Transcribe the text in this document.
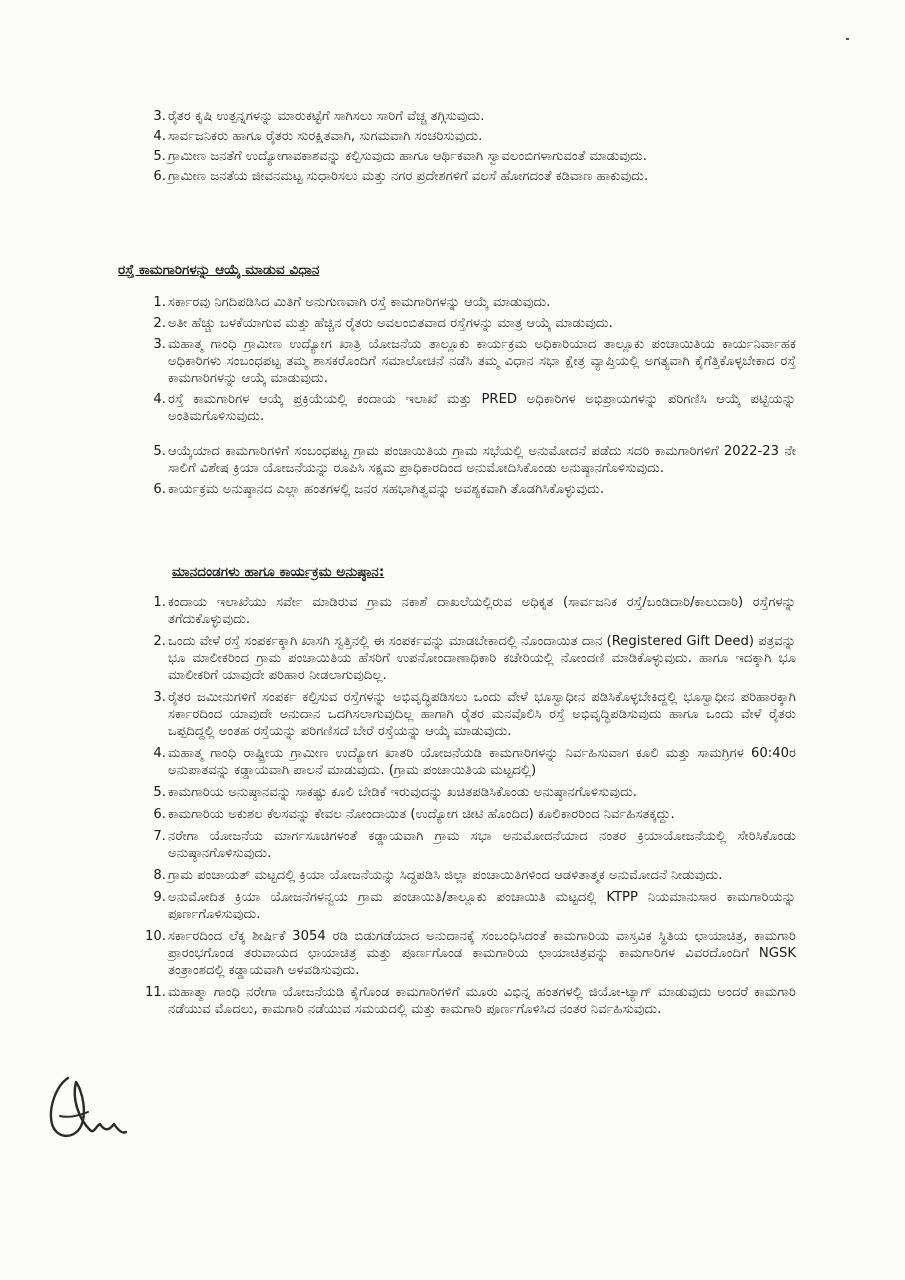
3. ರೈತರ ಕೃಷಿ ಉತ್ಪನ್ನಗಳನ್ನು ಮಾರುಕಟ್ಟೆಗೆ ಸಾಗಿಸಲು ಸಾರಿಗೆ ವೆಚ್ಚ ತಗ್ಗಿಸುವುದು.
4. ಸಾರ್ವಜನಿಕರು ಹಾಗೂ ರೈತರು ಸುರಕ್ಷಿತವಾಗಿ, ಸುಗಮವಾಗಿ ಸಂಚರಿಸುವುದು.
5. ಗ್ರಾಮೀಣ ಜನತೆಗೆ ಉದ್ಯೋಗಾವಕಾಶವನ್ನು ಕಲ್ಪಿಸುವುದು ಹಾಗೂ ಆರ್ಥಿಕವಾಗಿ ಸ್ವಾವಲಂಬಿಗಳಾಗುವಂತೆ ಮಾಡುವುದು.
6. ಗ್ರಾಮೀಣ ಜನತೆಯ ಜೀವನಮಟ್ಟ ಸುಧಾರಿಸಲು ಮತ್ತು ನಗರ ಪ್ರದೇಶಗಳಿಗೆ ವಲಸೆ ಹೋಗದಂತೆ ಕಡಿವಾಣ ಹಾಕುವುದು.
ರಸ್ತೆ ಕಾಮಗಾರಿಗಳನ್ನು ಆಯ್ಕೆ ಮಾಡುವ ವಿಧಾನ
1. ಸರ್ಕಾರವು ನಿಗದಿಪಡಿಸಿದ ಮಿತಿಗೆ ಅನುಗುಣವಾಗಿ ರಸ್ತೆ ಕಾಮಗಾರಿಗಳನ್ನು ಆಯ್ಕೆ ಮಾಡುವುದು.
2. ಅತೀ ಹೆಚ್ಚು ಬಳಕೆಯಾಗುವ ಮತ್ತು ಹೆಚ್ಚಿನ ರೈತರು ಅವಲಂಬಿತವಾದ ರಸ್ತೆಗಳನ್ನು ಮಾತ್ರ ಆಯ್ಕೆ ಮಾಡುವುದು.
3. ಮಹಾತ್ಮ ಗಾಂಧಿ ಗ್ರಾಮೀಣ ಉದ್ಯೋಗ ಖಾತ್ರಿ ಯೋಜನೆಯ ತಾಲ್ಲೂಕು ಕಾರ್ಯಕ್ರಮ ಅಧಿಕಾರಿಯಾದ ತಾಲ್ಲೂಕು ಪಂಚಾಯಿತಿಯ ಕಾರ್ಯನಿರ್ವಾಹಕ ಅಧಿಕಾರಿಗಳು ಸಂಬಂಧಪಟ್ಟ ತಮ್ಮ ಶಾಸಕರೊಂದಿಗೆ ಸಮಾಲೋಚನೆ ನಡೆಸಿ ತಮ್ಮ ವಿಧಾನ ಸಭಾ ಕ್ಷೇತ್ರ ವ್ಯಾಪ್ತಿಯಲ್ಲಿ ಅಗತ್ಯವಾಗಿ ಕೈಗೆತ್ತಿಕೊಳ್ಳಬೇಕಾದ ರಸ್ತೆ ಕಾಮಗಾರಿಗಳನ್ನು ಆಯ್ಕೆ ಮಾಡುವುದು.
4. ರಸ್ತೆ ಕಾಮಗಾರಿಗಳ ಆಯ್ಕೆ ಪ್ರಕ್ರಿಯೆಯಲ್ಲಿ ಕಂದಾಯ ಇಲಾಖೆ ಮತ್ತು PRED ಅಧಿಕಾರಿಗಳ ಅಭಿಪ್ರಾಯಗಳನ್ನು ಪರಿಗಣಿಸಿ ಆಯ್ಕೆ ಪಟ್ಟಿಯನ್ನು ಅಂತಿಮಗೊಳಿಸುವುದು.
5. ಆಯ್ಕೆಯಾದ ಕಾಮಗಾರಿಗಳಿಗೆ ಸಂಬಂಧಪಟ್ಟ ಗ್ರಾಮ ಪಂಚಾಯಿತಿಯ ಗ್ರಾಮ ಸಭೆಯಲ್ಲಿ ಅನುಮೋದನೆ ಪಡೆದು ಸದರಿ ಕಾಮಗಾರಿಗಳಿಗೆ 2022-23 ನೇ ಸಾಲಿಗೆ ವಿಶೇಷ ಕ್ರಿಯಾ ಯೋಜನೆಯನ್ನು ರೂಪಿಸಿ ಸಕ್ಷಮ ಪ್ರಾಧಿಕಾರದಿಂದ ಅನುಮೋದಿಸಿಕೊಂಡು ಅನುಷ್ಠಾನಗೊಳಿಸುವುದು.
6. ಕಾರ್ಯಕ್ರಮ ಅನುಷ್ಠಾನದ ಎಲ್ಲಾ ಹಂತಗಳಲ್ಲಿ ಜನರ ಸಹಭಾಗಿತ್ವವನ್ನು ಅವಶ್ಯಕವಾಗಿ ತೊಡಗಿಸಿಕೊಳ್ಳುವುದು.
ಮಾನದಂಡಗಳು ಹಾಗೂ ಕಾರ್ಯಕ್ರಮ ಅನುಷ್ಠಾನ:
1. ಕಂದಾಯ ಇಲಾಖೆಯು ಸರ್ವೇ ಮಾಡಿರುವ ಗ್ರಾಮ ನಕಾಶೆ ದಾಖಲೆಯಲ್ಲಿರುವ ಅಧಿಕೃತ (ಸಾರ್ವಜನಿಕ ರಸ್ತೆ/ಬಂಡಿದಾರಿ/ಕಾಲುದಾರಿ) ರಸ್ತೆಗಳನ್ನು ತಗೆದುಕೊಳ್ಳುವುದು.
2. ಒಂದು ವೇಳೆ ರಸ್ತೆ ಸಂಪರ್ಕಕ್ಕಾಗಿ ಖಾಸಗಿ ಸ್ವತ್ತಿನಲ್ಲಿ ಈ ಸಂಪರ್ಕವನ್ನು ಮಾಡಬೇಕಾದಲ್ಲಿ ನೊಂದಾಯಿತ ದಾನ (Registered Gift Deed) ಪತ್ರವನ್ನು ಭೂ ಮಾಲೀಕರಿಂದ ಗ್ರಾಮ ಪಂಚಾಯಿತಿಯ ಹೆಸರಿಗೆ ಉಪನೋಂದಾಣಾಧಿಕಾರಿ ಕಚೇರಿಯಲ್ಲಿ ನೋಂದಣಿ ಮಾಡಿಕೊಳ್ಳುವುದು. ಹಾಗೂ ಇದಕ್ಕಾಗಿ ಭೂ ಮಾಲೀಕರಿಗೆ ಯಾವುದೇ ಪರಿಹಾರ ನೀಡಲಾಗುವುದಿಲ್ಲ.
3. ರೈತರ ಜಮೀನುಗಳಿಗೆ ಸಂಪರ್ಕ ಕಲ್ಪಿಸುವ ರಸ್ತೆಗಳನ್ನು ಅಭಿವೃದ್ಧಿಪಡಿಸಲು ಒಂದು ವೇಳೆ ಭೂಸ್ವಾಧೀನ ಪಡಿಸಿಕೊಳ್ಳಬೇಕಿದ್ದಲ್ಲಿ ಭೂಸ್ವಾಧೀನ ಪರಿಹಾರಕ್ಕಾಗಿ ಸರ್ಕಾರದಿಂದ ಯಾವುದೇ ಅನುದಾನ ಒದಗಿಸಲಾಗುವುದಿಲ್ಲ ಹಾಗಾಗಿ ರೈತರ ಮನವೊಲಿಸಿ ರಸ್ತೆ ಅಭಿವೃದ್ಧಿಪಡಿಸುವುದು ಹಾಗೂ ಒಂದು ವೇಳೆ ರೈತರು ಒಪ್ಪದಿದ್ದಲ್ಲಿ ಅಂತಹ ರಸ್ತೆಯನ್ನು ಪರಿಗಣಿಸದೆ ಬೇರೆ ರಸ್ತೆಯನ್ನು ಆಯ್ಕೆ ಮಾಡುವುದು.
4. ಮಹಾತ್ಮ ಗಾಂಧಿ ರಾಷ್ಟ್ರೀಯ ಗ್ರಾಮೀಣ ಉದ್ಯೋಗ ಖಾತರಿ ಯೋಜನೆಯಡಿ ಕಾಮಗಾರಿಗಳನ್ನು ನಿರ್ವಹಿಸುವಾಗ ಕೂಲಿ ಮತ್ತು ಸಾಮಗ್ರಿಗಳ 60:40ರ ಅನುಪಾತವನ್ನು ಕಡ್ಡಾಯವಾಗಿ ಪಾಲನೆ ಮಾಡುವುದು. (ಗ್ರಾಮ ಪಂಚಾಯಿತಿಯ ಮಟ್ಟದಲ್ಲಿ)
5. ಕಾಮಗಾರಿಯ ಅನುಷ್ಠಾನವನ್ನು ಸಾಕಷ್ಟು ಕೂಲಿ ಬೇಡಿಕೆ ಇರುವುದನ್ನು ಖಚಿತಪಡಿಸಿಕೊಂಡು ಅನುಷ್ಠಾನಗೊಳಿಸುವುದು.
6. ಕಾಮಗಾರಿಯ ಅಕುಶಲ ಕೆಲಸವನ್ನು ಕೇವಲ ನೋಂದಾಯಿತ (ಉದ್ಯೋಗ ಚೀಟಿ ಹೊಂದಿದ) ಕೂಲಿಕಾರರಿಂದ ನಿರ್ವಹಿಸತಕ್ಕದ್ದು.
7. ನರೇಗಾ ಯೋಜನೆಯ ಮಾರ್ಗಸೂಚಿಗಳಂತೆ ಕಡ್ಡಾಯವಾಗಿ ಗ್ರಾಮ ಸಭಾ ಅನುಮೋದನೆಯಾದ ನಂತರ ಕ್ರಿಯಾಯೋಜನೆಯಲ್ಲಿ ಸೇರಿಸಿಕೊಂಡು ಅನುಷ್ಠಾನಗೊಳಿಸುವುದು.
8. ಗ್ರಾಮ ಪಂಚಾಯತ್ ಮಟ್ಟದಲ್ಲಿ ಕ್ರಿಯಾ ಯೋಜನೆಯನ್ನು ಸಿದ್ಧಪಡಿಸಿ ಜಿಲ್ಲಾ ಪಂಚಾಯಿತಿಗಳಿಂದ ಆಡಳಿತಾತ್ಮಕ ಅನುಮೋದನೆ ನೀಡುವುದು.
9. ಅನುಮೋದಿತ ಕ್ರಿಯಾ ಯೋಜನೆಗಳನ್ವಯ ಗ್ರಾಮ ಪಂಚಾಯಿತಿ/ತಾಲ್ಲೂಕು ಪಂಚಾಯಿತಿ ಮಟ್ಟದಲ್ಲಿ KTPP ನಿಯಮಾನುಸಾರ ಕಾಮಗಾರಿಯನ್ನು ಪೂರ್ಣಗೊಳಿಸುವುದು.
10. ಸರ್ಕಾರದಿಂದ ಲೆಕ್ಕ ಶೀರ್ಷಿಕೆ 3054 ರಡಿ ಬಿಡುಗಡೆಯಾದ ಅನುದಾನಕ್ಕೆ ಸಂಬಂಧಿಸಿದಂತೆ ಕಾಮಗಾರಿಯ ವಾಸ್ತವಿಕ ಸ್ಥಿತಿಯ ಛಾಯಾಚಿತ್ರ, ಕಾಮಗಾರಿ ಪ್ರಾರಂಭಗೊಂಡ ತರುವಾಯದ ಛಾಯಾಚಿತ್ರ ಮತ್ತು ಪೂರ್ಣಗೊಂಡ ಕಾಮಗಾರಿಯ ಛಾಯಾಚಿತ್ರವನ್ನು ಕಾಮಗಾರಿಗಳ ವಿವರದೊಂದಿಗೆ NGSK ತಂತ್ರಾಂಶದಲ್ಲಿ ಕಡ್ಡಾಯವಾಗಿ ಅಳವಡಿಸುವುದು.
11. ಮಹಾತ್ಮಾ ಗಾಂಧಿ ನರೇಗಾ ಯೋಜನೆಯಡಿ ಕೈಗೊಂಡ ಕಾಮಗಾರಿಗಳಿಗೆ ಮೂರು ವಿಭಿನ್ನ ಹಂತಗಳಲ್ಲಿ ಜಿಯೋ-ಟ್ಯಾಗ್ ಮಾಡುವುದು ಅಂದರೆ ಕಾಮಗಾರಿ ನಡೆಯುವ ಮೊದಲು, ಕಾಮಗಾರಿ ನಡೆಯುವ ಸಮಯದಲ್ಲಿ ಮತ್ತು ಕಾಮಗಾರಿ ಪೂರ್ಣಗೊಳಿಸಿದ ನಂತರ ನಿರ್ವಹಿಸುವುದು.
